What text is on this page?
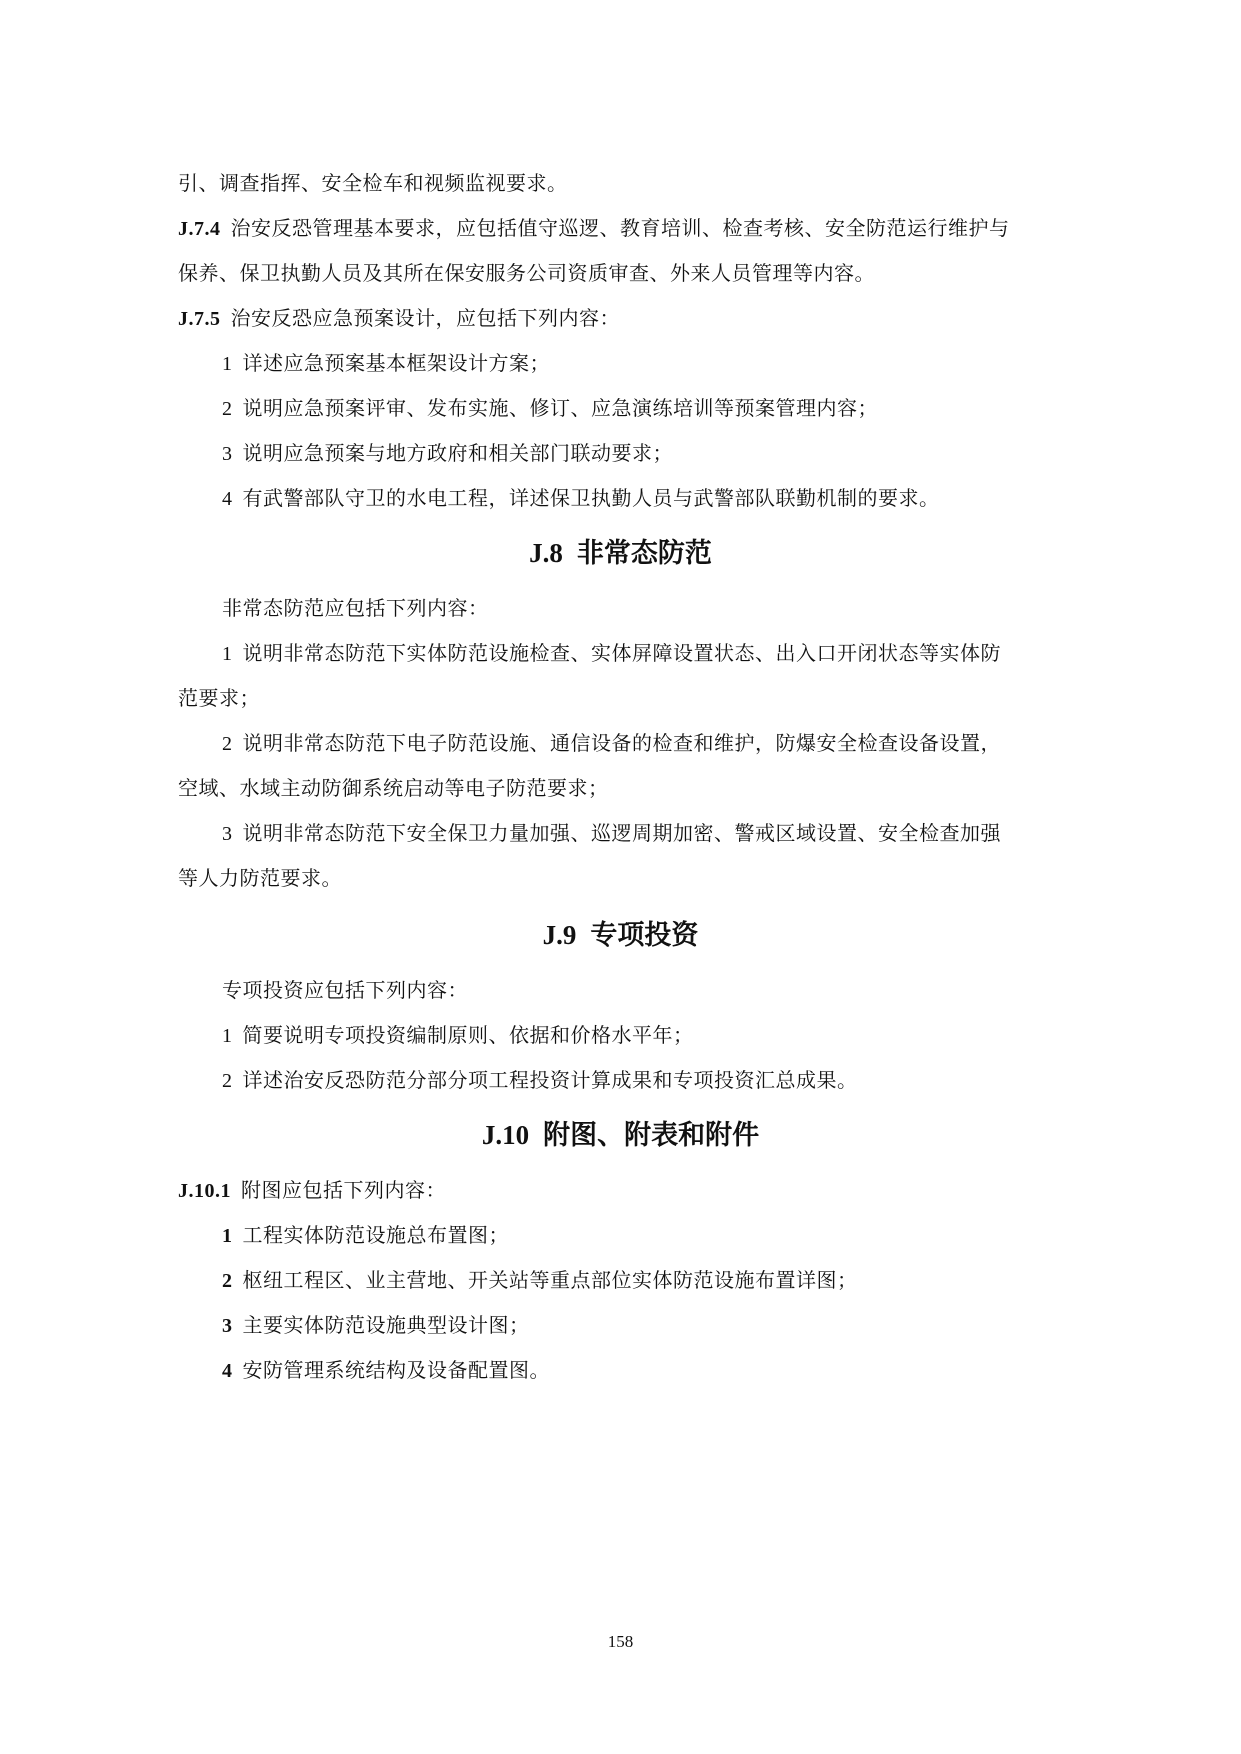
引、调查指挥、安全检车和视频监视要求。
J.7.4 治安反恐管理基本要求，应包括值守巡逻、教育培训、检查考核、安全防范运行维护与
保养、保卫执勤人员及其所在保安服务公司资质审查、外来人员管理等内容。
J.7.5 治安反恐应急预案设计，应包括下列内容：
1 详述应急预案基本框架设计方案；
2 说明应急预案评审、发布实施、修订、应急演练培训等预案管理内容；
3 说明应急预案与地方政府和相关部门联动要求；
4 有武警部队守卫的水电工程，详述保卫执勤人员与武警部队联勤机制的要求。
J.8 非常态防范
非常态防范应包括下列内容：
1 说明非常态防范下实体防范设施检查、实体屏障设置状态、出入口开闭状态等实体防
范要求；
2 说明非常态防范下电子防范设施、通信设备的检查和维护，防爆安全检查设备设置，
空域、水域主动防御系统启动等电子防范要求；
3 说明非常态防范下安全保卫力量加强、巡逻周期加密、警戒区域设置、安全检查加强
等人力防范要求。
J.9 专项投资
专项投资应包括下列内容：
1 简要说明专项投资编制原则、依据和价格水平年；
2 详述治安反恐防范分部分项工程投资计算成果和专项投资汇总成果。
J.10 附图、附表和附件
J.10.1 附图应包括下列内容：
1 工程实体防范设施总布置图；
2 枢纽工程区、业主营地、开关站等重点部位实体防范设施布置详图；
3 主要实体防范设施典型设计图；
4 安防管理系统结构及设备配置图。
158
